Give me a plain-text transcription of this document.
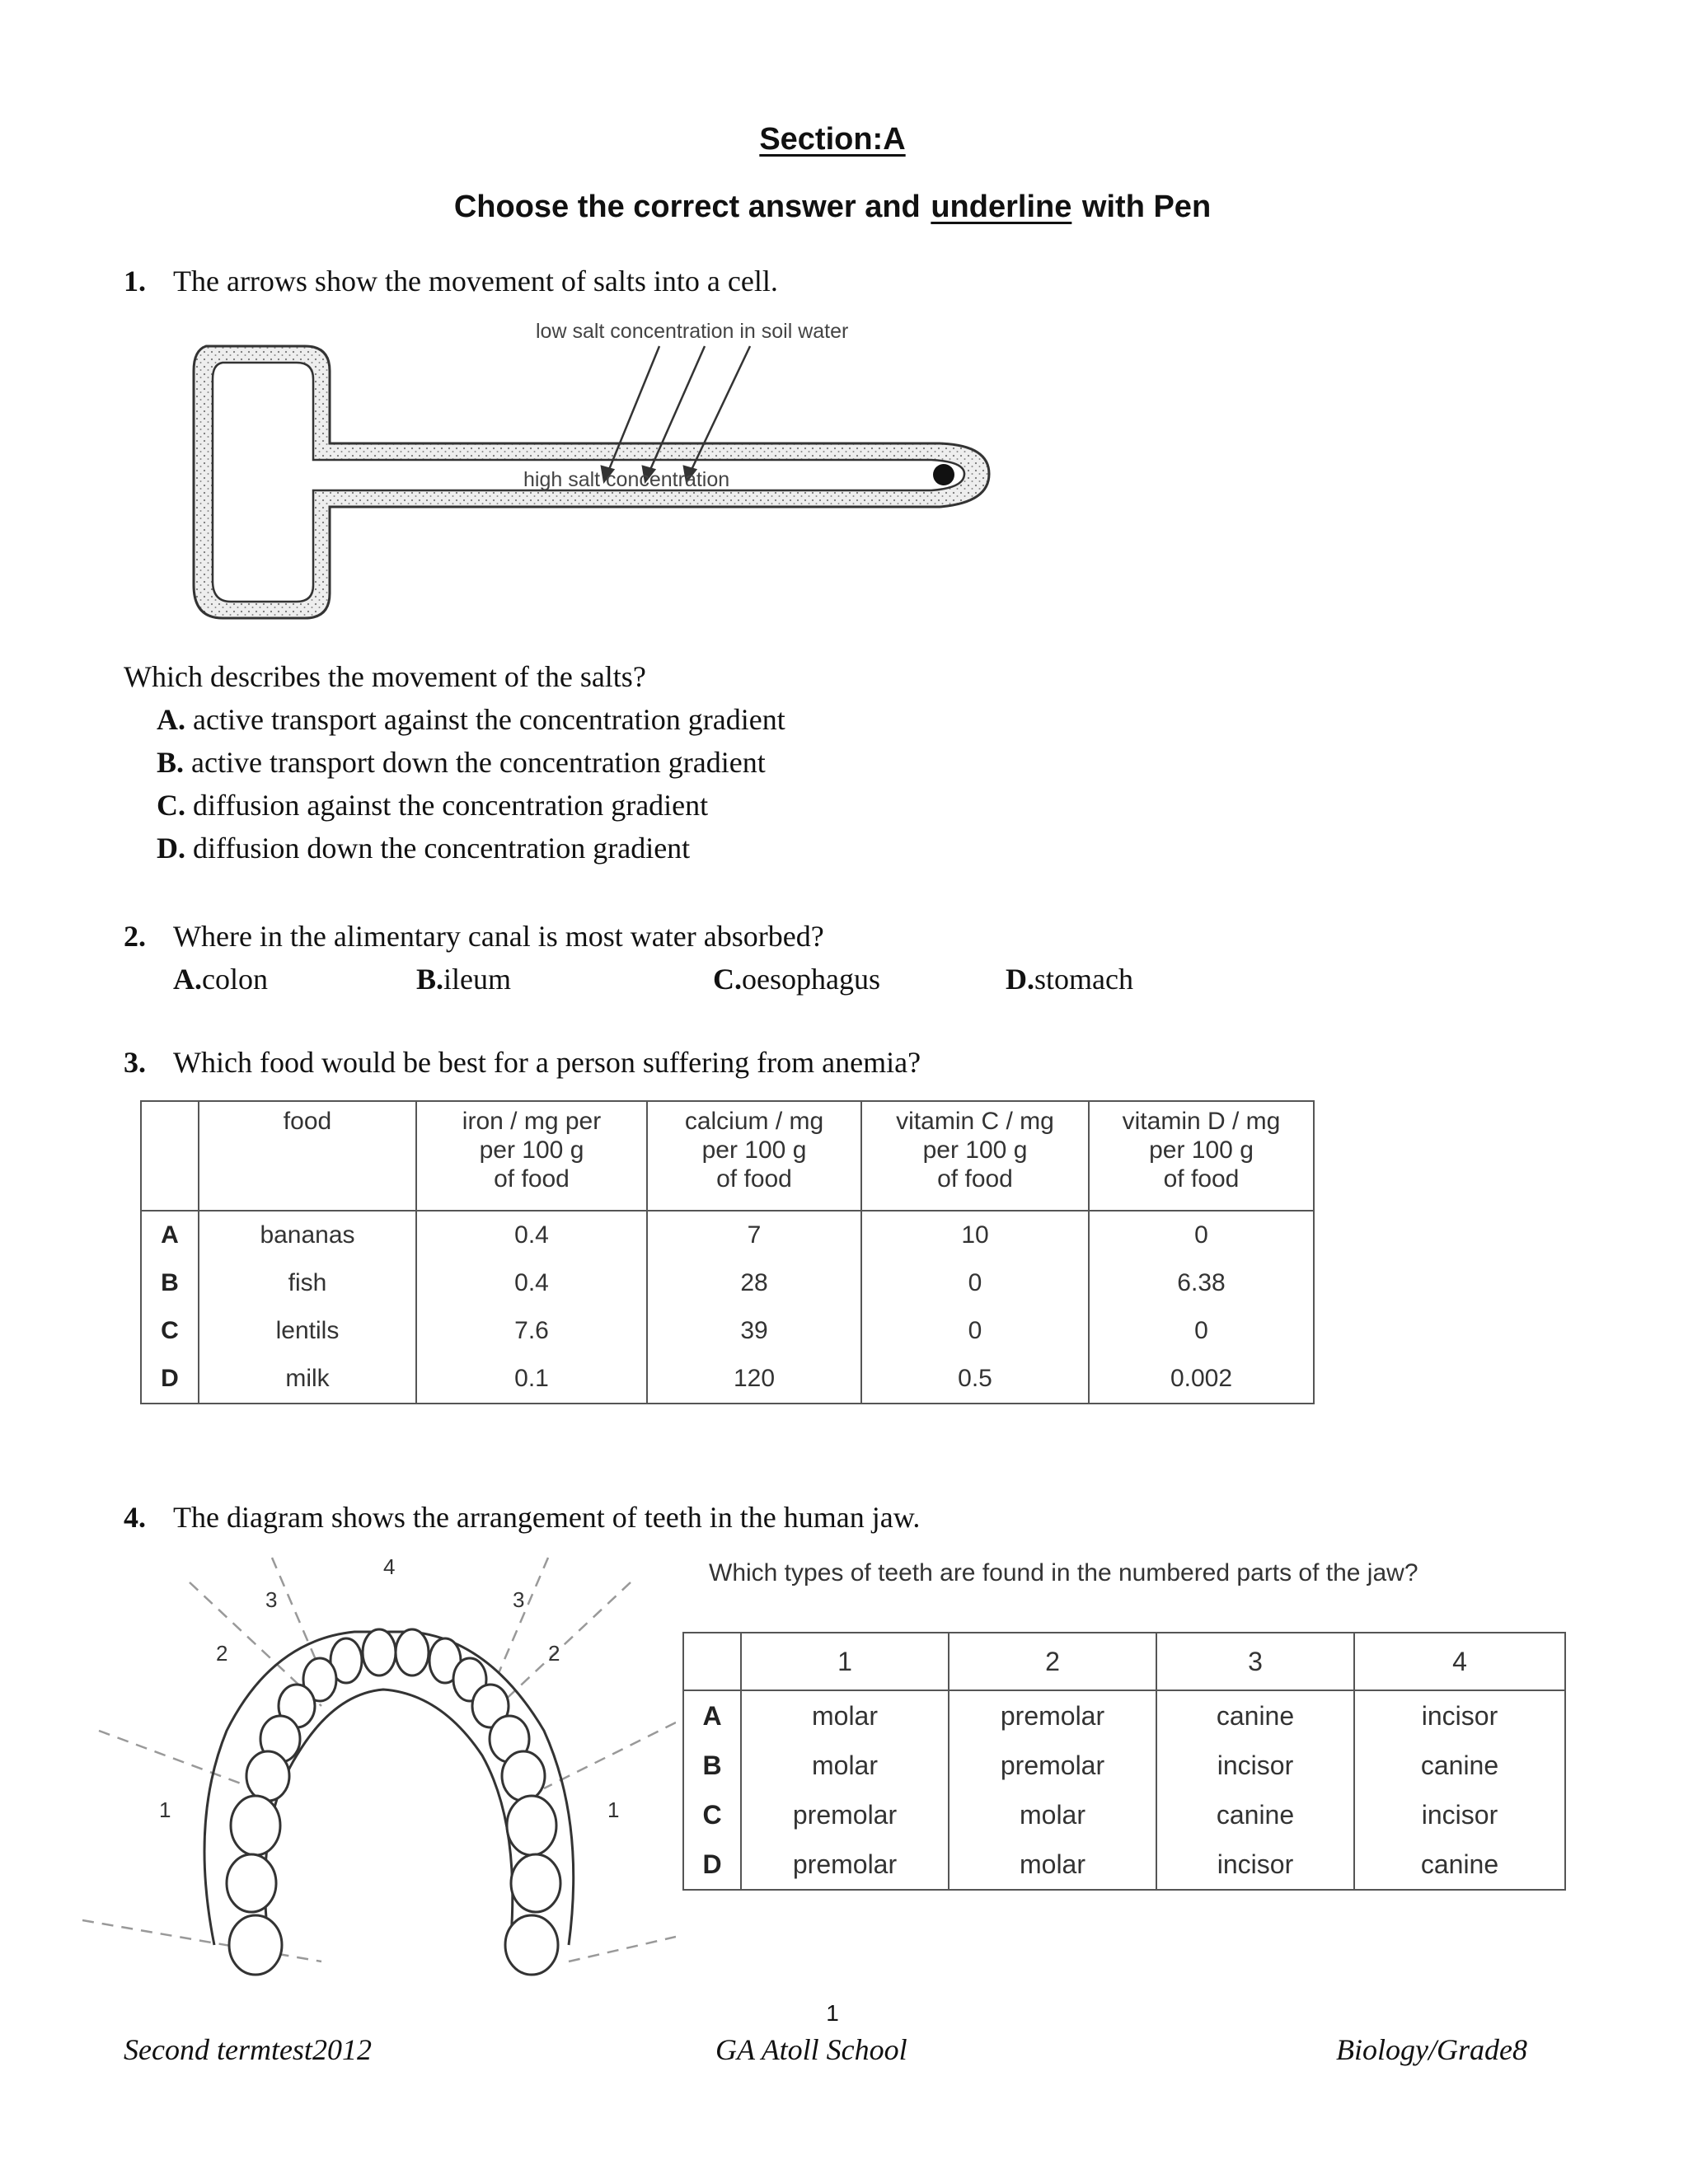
Section:A
Choose the correct answer and underline with Pen
1. The arrows show the movement of salts into a cell.
low salt concentration in soil water
high salt concentration
Which describes the movement of the salts?
A. active transport against the concentration gradient
B. active transport down the concentration gradient
C. diffusion against the concentration gradient
D. diffusion down the concentration gradient
2. Where in the alimentary canal is most water absorbed?
A.colon	B.ileum	C.oesophagus	D.stomach
3. Which food would be best for a person suffering from anemia?
	food	iron / mg per
per 100 g
of food	calcium / mg
per 100 g
of food	vitamin C / mg
per 100 g
of food	vitamin D / mg
per 100 g
of food
A	bananas	0.4	7	10	0
B	fish	0.4	28	0	6.38
C	lentils	7.6	39	0	0
D	milk	0.1	120	0.5	0.002
4. The diagram shows the arrangement of teeth in the human jaw.
4
3	3
2	2
1	1
Which types of teeth are found in the numbered parts of the jaw?
	1	2	3	4
A	molar	premolar	canine	incisor
B	molar	premolar	incisor	canine
C	premolar	molar	canine	incisor
D	premolar	molar	incisor	canine
1
Second termtest2012	GA Atoll School	Biology/Grade8
